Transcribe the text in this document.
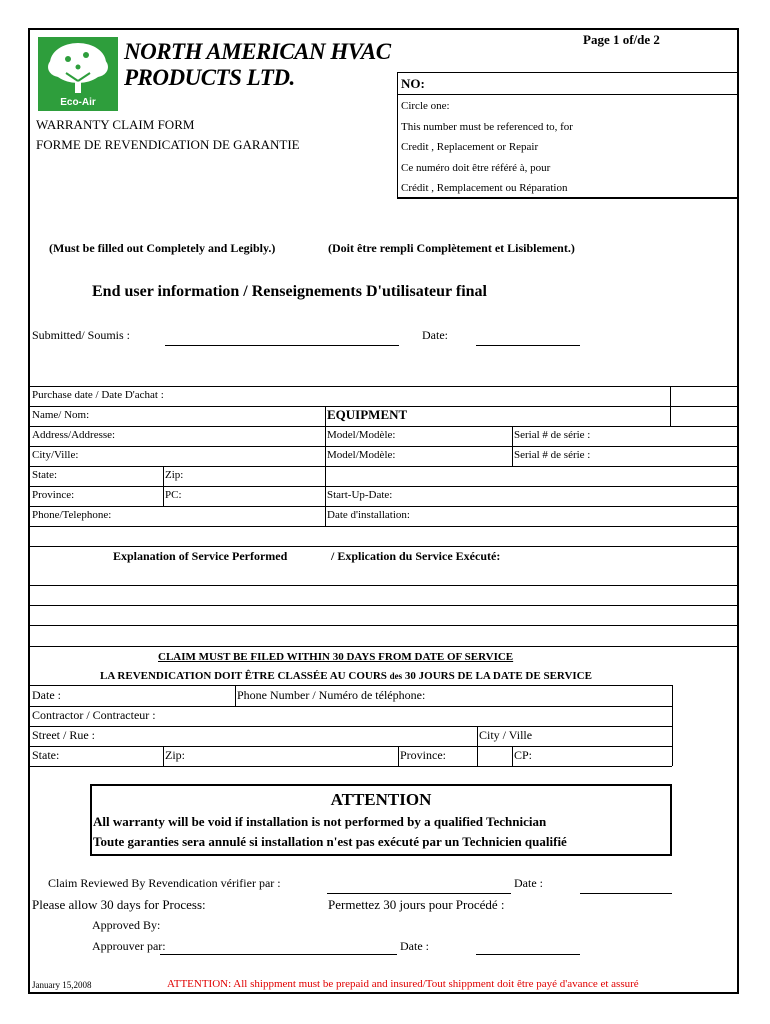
Eco-Air
NORTH AMERICAN HVAC
PRODUCTS LTD.
Page 1 of/de 2
WARRANTY CLAIM FORM
FORME DE REVENDICATION DE GARANTIE
NO:
Circle one:
This number must be referenced to, for
Credit , Replacement or Repair
Ce numéro doit être référé à, pour
Crédit , Remplacement ou Réparation
(Must be filled out Completely and Legibly.)	(Doit être rempli Complètement et Lisiblement.)
End user information / Renseignements D'utilisateur final
Submitted/ Soumis :	Date:
Purchase date / Date D'achat :
Name/ Nom:	EQUIPMENT
Address/Addresse:	Model/Modèle:	Serial # de série :
City/Ville:	Model/Modèle:	Serial # de série :
State:	Zip:
Province:	PC:	Start-Up-Date:
Phone/Telephone:	Date d'installation:
Explanation of Service Performed	/ Explication du Service Exécuté:
CLAIM MUST BE FILED WITHIN 30 DAYS FROM DATE OF SERVICE
LA REVENDICATION DOIT ÊTRE CLASSÉE AU COURS des 30 JOURS DE LA DATE DE SERVICE
Date :	Phone Number / Numéro de téléphone:
Contractor / Contracteur :
Street / Rue :	City / Ville
State:	Zip:	Province:	CP:
ATTENTION
All warranty will be void if installation is not performed by a qualified Technician
Toute garanties sera annulé si installation n'est pas exécuté par un Technicien qualifié
Claim Reviewed By Revendication vérifier par :	Date :
Please allow 30 days for Process:	Permettez 30 jours pour Procédé :
Approved By:
Approuver par:	Date :
January 15,2008	ATTENTION: All shippment must be prepaid and insured/Tout shippment doit être payé d'avance et assuré
